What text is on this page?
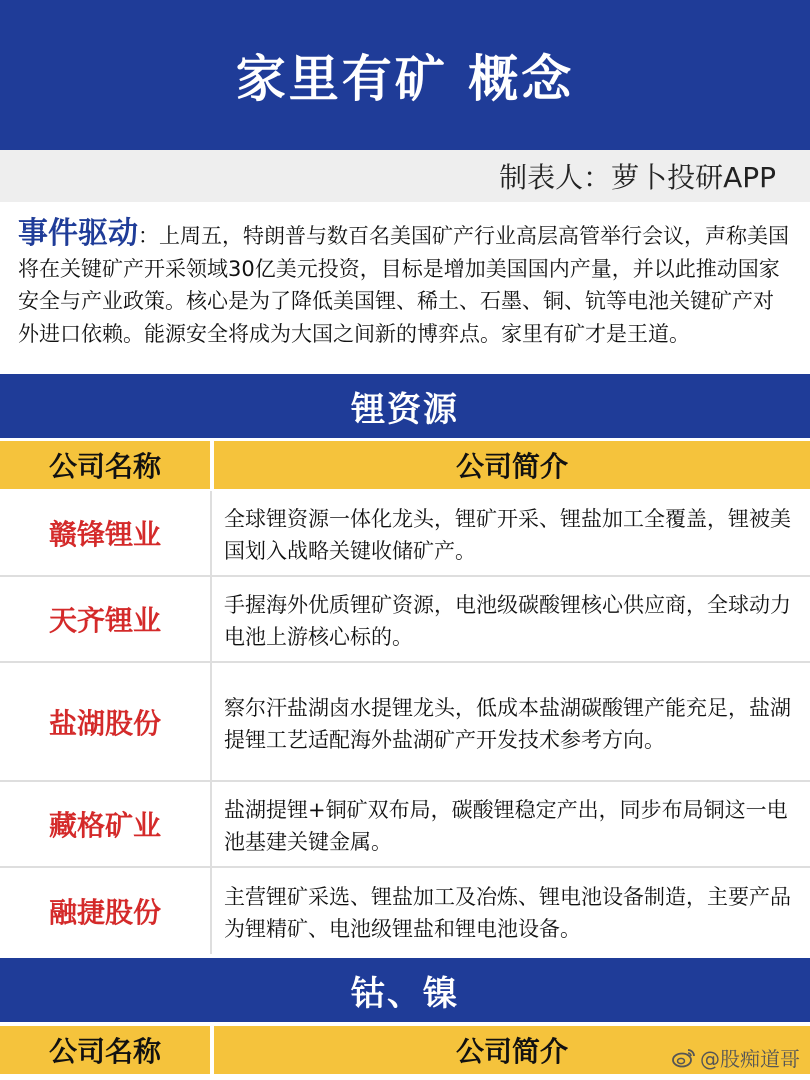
家里有矿 概念
制表人：萝卜投研APP
事件驱动：上周五，特朗普与数百名美国矿产行业高层高管举行会议，声称美国将在关键矿产开采领域30亿美元投资，目标是增加美国国内产量，并以此推动国家安全与产业政策。核心是为了降低美国锂、稀土、石墨、铜、钪等电池关键矿产对外进口依赖。能源安全将成为大国之间新的博弈点。家里有矿才是王道。
锂资源
公司名称	公司简介
赣锋锂业	全球锂资源一体化龙头，锂矿开采、锂盐加工全覆盖，锂被美国划入战略关键收储矿产。
天齐锂业	手握海外优质锂矿资源，电池级碳酸锂核心供应商，全球动力电池上游核心标的。
盐湖股份	察尔汗盐湖卤水提锂龙头，低成本盐湖碳酸锂产能充足，盐湖提锂工艺适配海外盐湖矿产开发技术参考方向。
藏格矿业	盐湖提锂+铜矿双布局，碳酸锂稳定产出，同步布局铜这一电池基建关键金属。
融捷股份	主营锂矿采选、锂盐加工及冶炼、锂电池设备制造，主要产品为锂精矿、电池级锂盐和锂电池设备。
钴、镍
公司名称	公司简介	@股痴道哥
